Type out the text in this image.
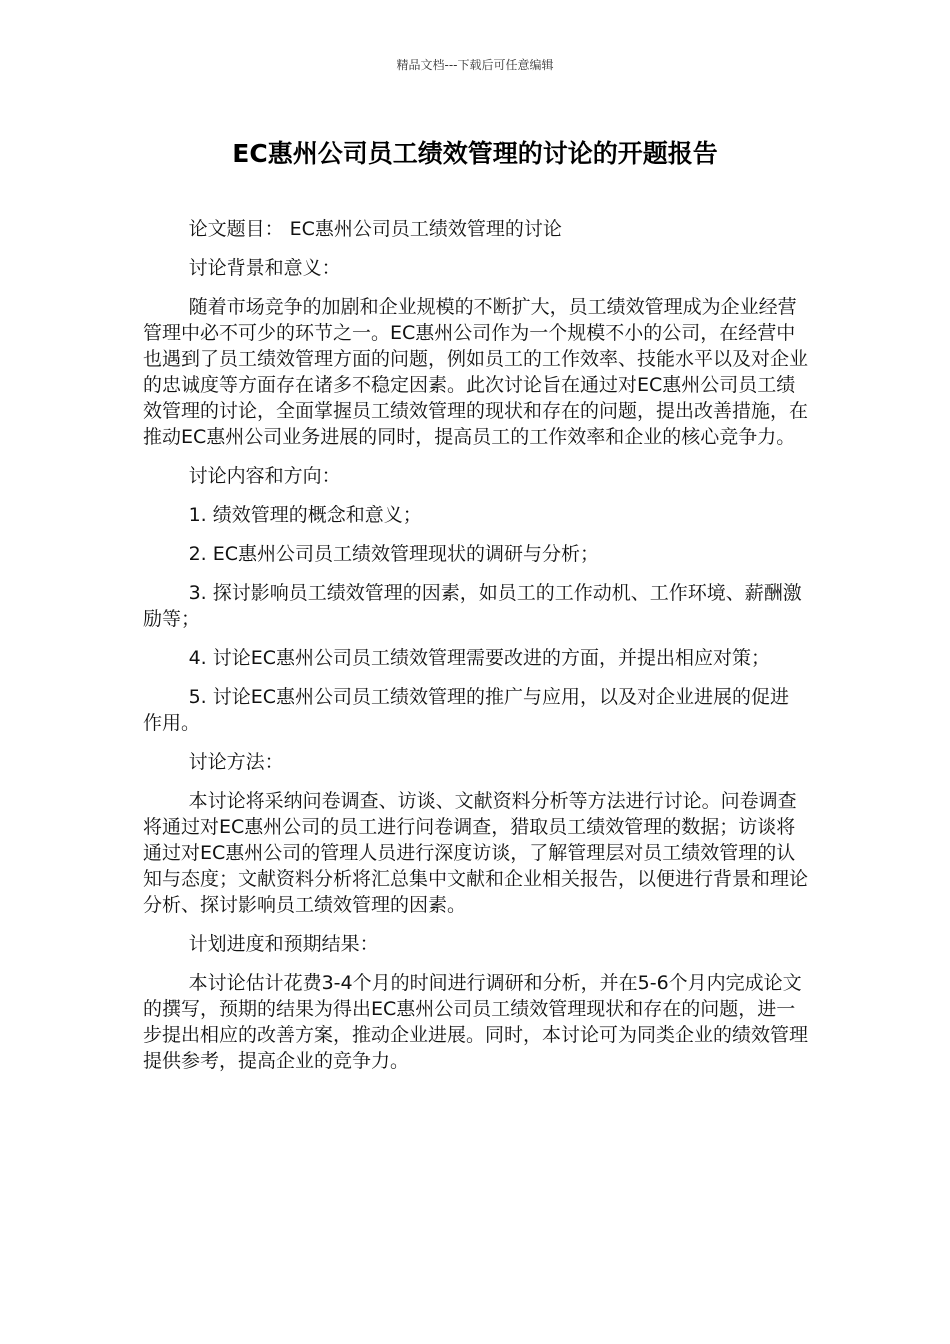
精品文档---下载后可任意编辑
EC惠州公司员工绩效管理的讨论的开题报告

论文题目： EC惠州公司员工绩效管理的讨论

讨论背景和意义：

随着市场竞争的加剧和企业规模的不断扩大，员工绩效管理成为企业经营管理中必不可少的环节之一。EC惠州公司作为一个规模不小的公司，在经营中也遇到了员工绩效管理方面的问题，例如员工的工作效率、技能水平以及对企业的忠诚度等方面存在诸多不稳定因素。此次讨论旨在通过对EC惠州公司员工绩效管理的讨论，全面掌握员工绩效管理的现状和存在的问题，提出改善措施，在推动EC惠州公司业务进展的同时，提高员工的工作效率和企业的核心竞争力。

讨论内容和方向：

1. 绩效管理的概念和意义；

2. EC惠州公司员工绩效管理现状的调研与分析；

3. 探讨影响员工绩效管理的因素，如员工的工作动机、工作环境、薪酬激励等；

4. 讨论EC惠州公司员工绩效管理需要改进的方面，并提出相应对策；

5. 讨论EC惠州公司员工绩效管理的推广与应用，以及对企业进展的促进作用。

讨论方法：

本讨论将采纳问卷调查、访谈、文献资料分析等方法进行讨论。问卷调查将通过对EC惠州公司的员工进行问卷调查，猎取员工绩效管理的数据；访谈将通过对EC惠州公司的管理人员进行深度访谈，了解管理层对员工绩效管理的认知与态度；文献资料分析将汇总集中文献和企业相关报告，以便进行背景和理论分析、探讨影响员工绩效管理的因素。

计划进度和预期结果：

本讨论估计花费3-4个月的时间进行调研和分析，并在5-6个月内完成论文的撰写，预期的结果为得出EC惠州公司员工绩效管理现状和存在的问题，进一步提出相应的改善方案，推动企业进展。同时，本讨论可为同类企业的绩效管理提供参考，提高企业的竞争力。
